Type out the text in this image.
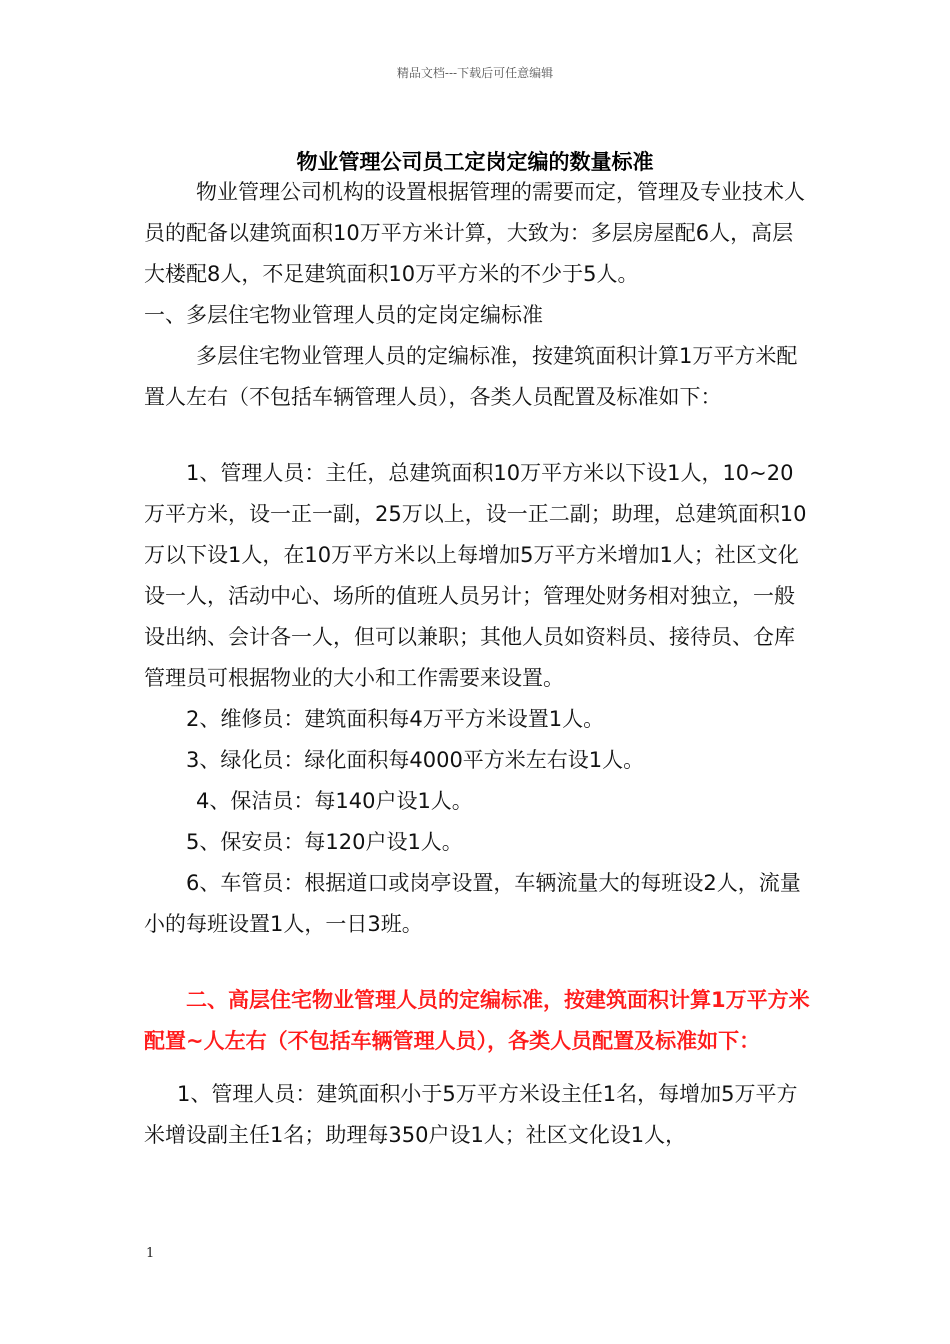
精品文档---下载后可任意编辑
物业管理公司员工定岗定编的数量标准

物业管理公司机构的设置根据管理的需要而定，管理及专业技术人员的配备以建筑面积10万平方米计算，大致为：多层房屋配6人，高层大楼配8人，不足建筑面积10万平方米的不少于5人。

一、多层住宅物业管理人员的定岗定编标准

多层住宅物业管理人员的定编标准，按建筑面积计算1万平方米配置人左右（不包括车辆管理人员），各类人员配置及标准如下：

1、管理人员：主任，总建筑面积10万平方米以下设1人，10~20万平方米，设一正一副，25万以上，设一正二副；助理，总建筑面积10万以下设1人，在10万平方米以上每增加5万平方米增加1人；社区文化设一人，活动中心、场所的值班人员另计；管理处财务相对独立，一般设出纳、会计各一人，但可以兼职；其他人员如资料员、接待员、仓库管理员可根据物业的大小和工作需要来设置。

2、维修员：建筑面积每4万平方米设置1人。

3、绿化员：绿化面积每4000平方米左右设1人。

4、保洁员：每140户设1人。

5、保安员：每120户设1人。

6、车管员：根据道口或岗亭设置，车辆流量大的每班设2人，流量小的每班设置1人，一日3班。

二、高层住宅物业管理人员的定编标准，按建筑面积计算1万平方米配置~人左右（不包括车辆管理人员），各类人员配置及标准如下：

1、管理人员：建筑面积小于5万平方米设主任1名，每增加5万平方米增设副主任1名；助理每350户设1人；社区文化设1人，

1
